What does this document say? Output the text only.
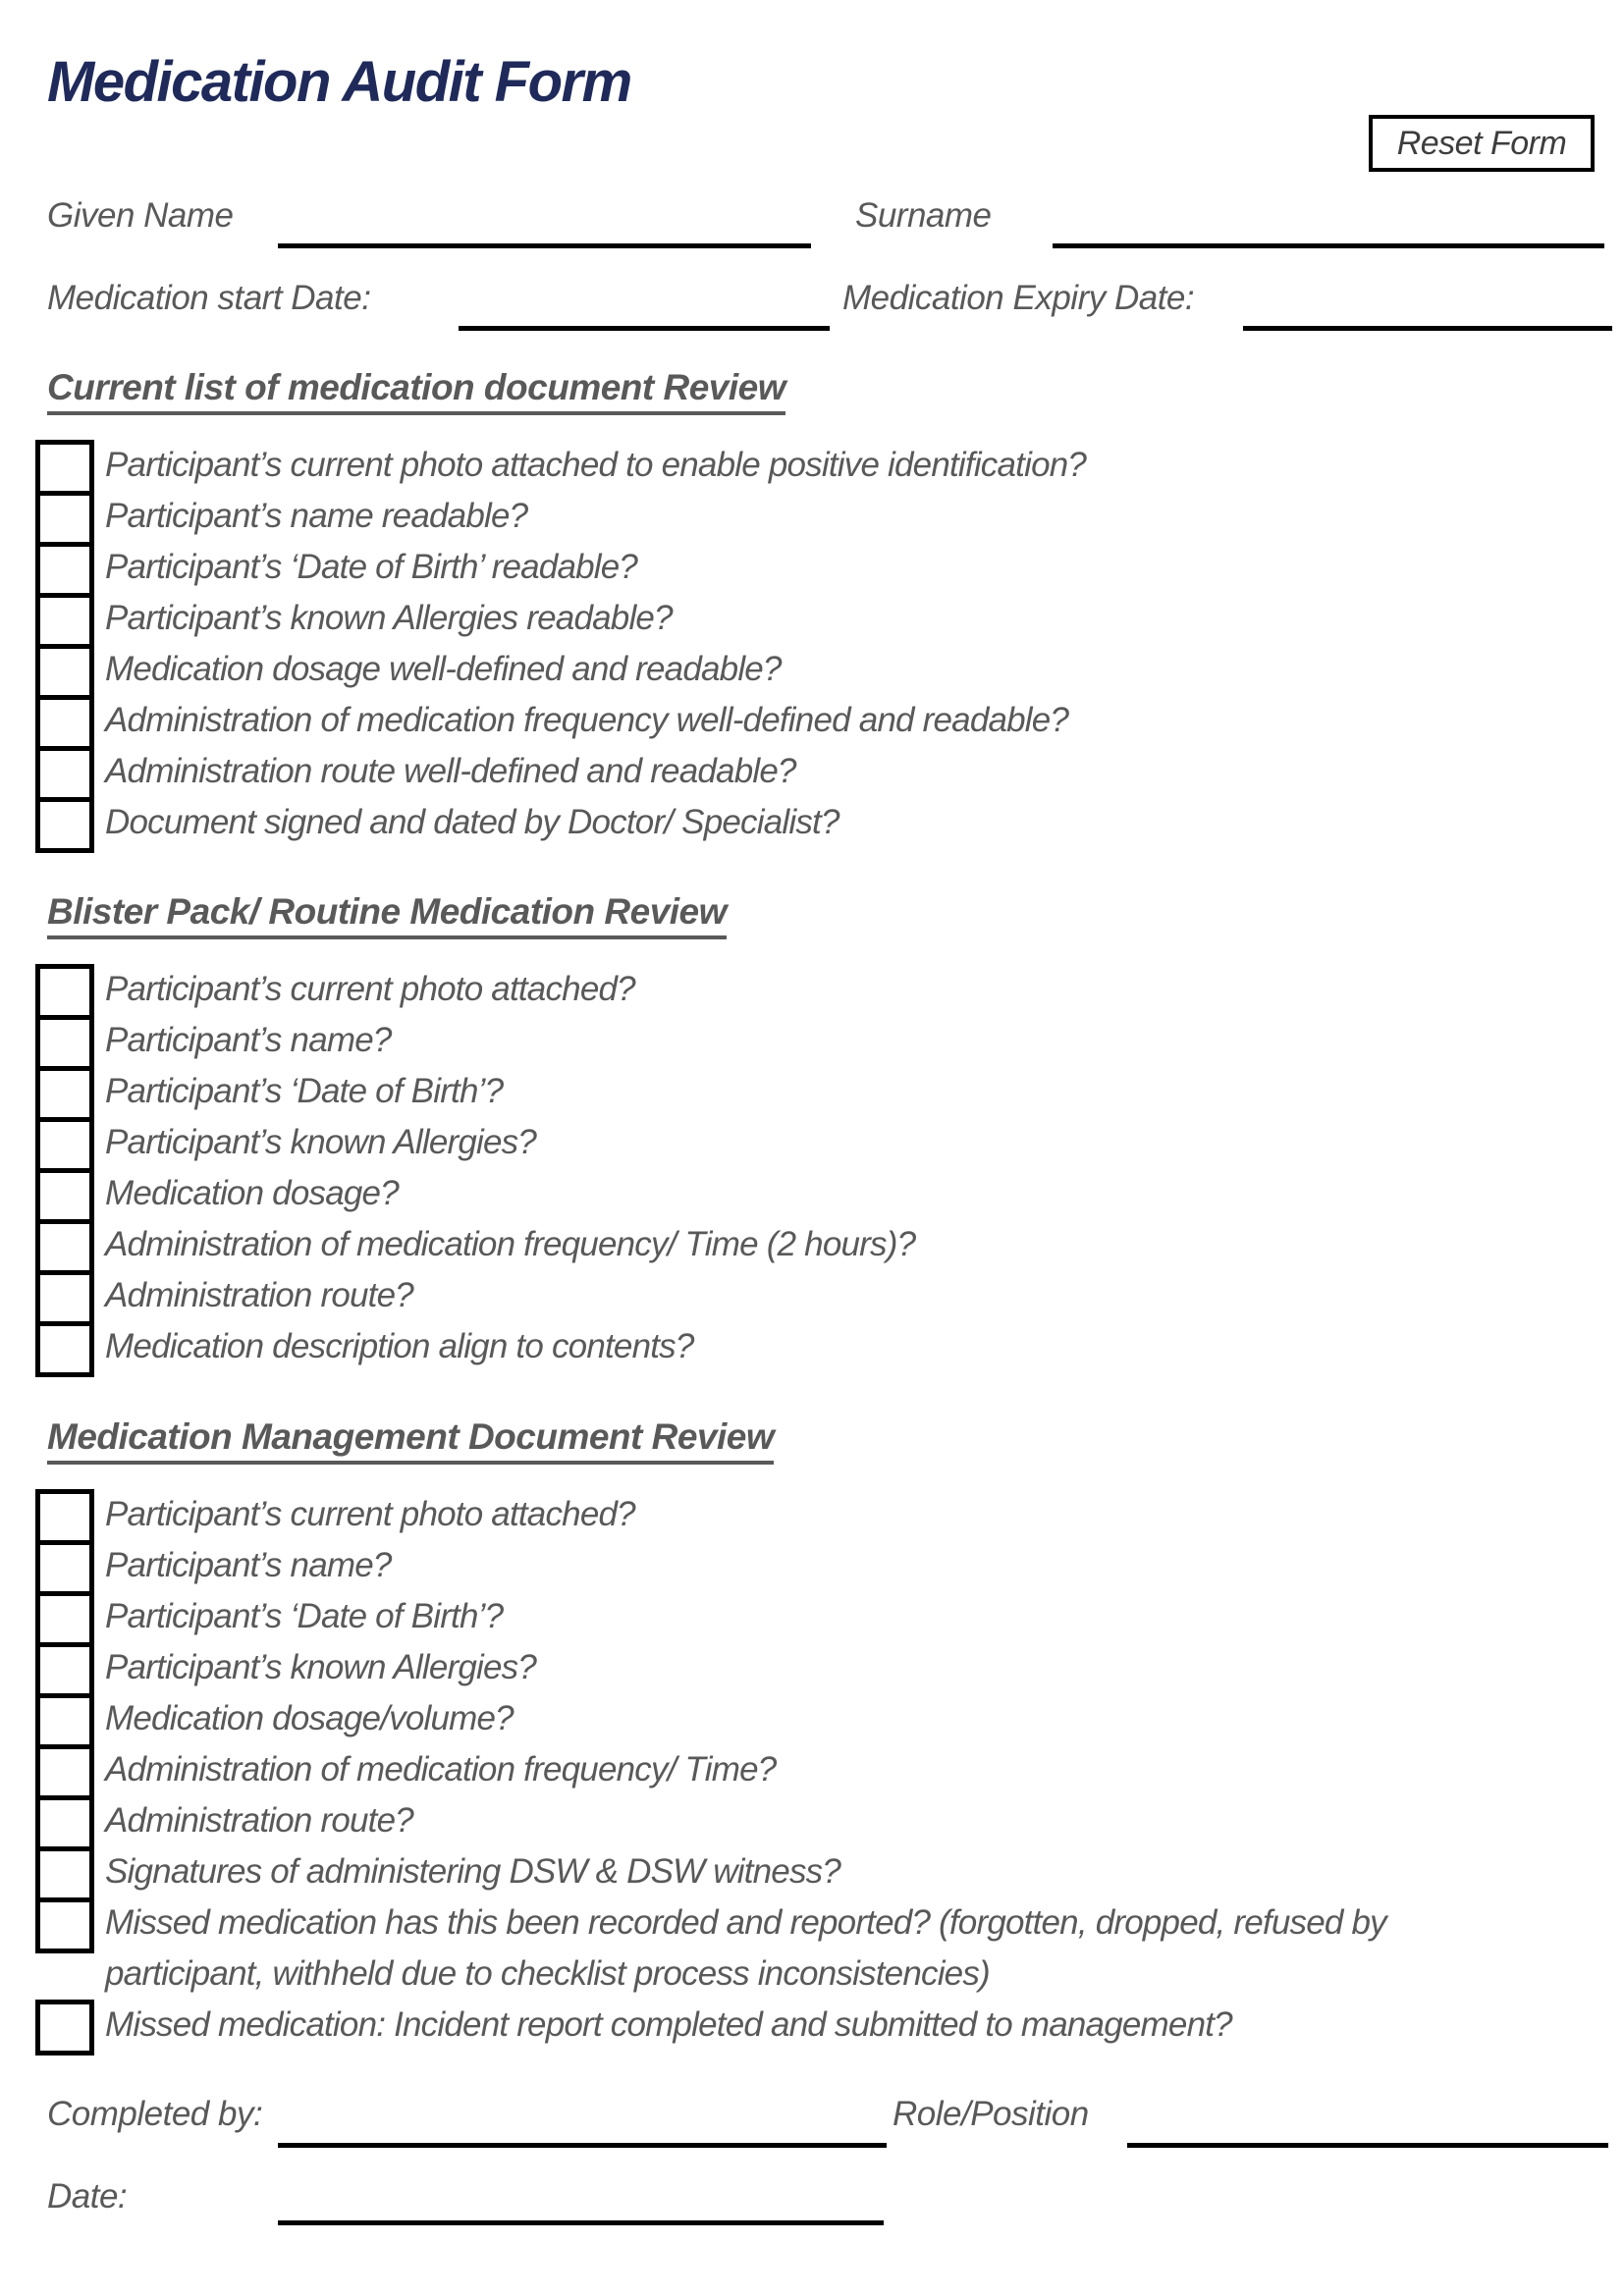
Medication Audit Form
Reset Form
Given Name	Surname
Medication start Date:	Medication Expiry Date:
Current list of medication document Review
Participant’s current photo attached to enable positive identification?
Participant’s name readable?
Participant’s ‘Date of Birth’ readable?
Participant’s known Allergies readable?
Medication dosage well-defined and readable?
Administration of medication frequency well-defined and readable?
Administration route well-defined and readable?
Document signed and dated by Doctor/ Specialist?
Blister Pack/ Routine Medication Review
Participant’s current photo attached?
Participant’s name?
Participant’s ‘Date of Birth’?
Participant’s known Allergies?
Medication dosage?
Administration of medication frequency/ Time (2 hours)?
Administration route?
Medication description align to contents?
Medication Management Document Review
Participant’s current photo attached?
Participant’s name?
Participant’s ‘Date of Birth’?
Participant’s known Allergies?
Medication dosage/volume?
Administration of medication frequency/ Time?
Administration route?
Signatures of administering DSW & DSW witness?
Missed medication has this been recorded and reported? (forgotten, dropped, refused by participant, withheld due to checklist process inconsistencies)
Missed medication: Incident report completed and submitted to management?
Completed by:	Role/Position
Date:
